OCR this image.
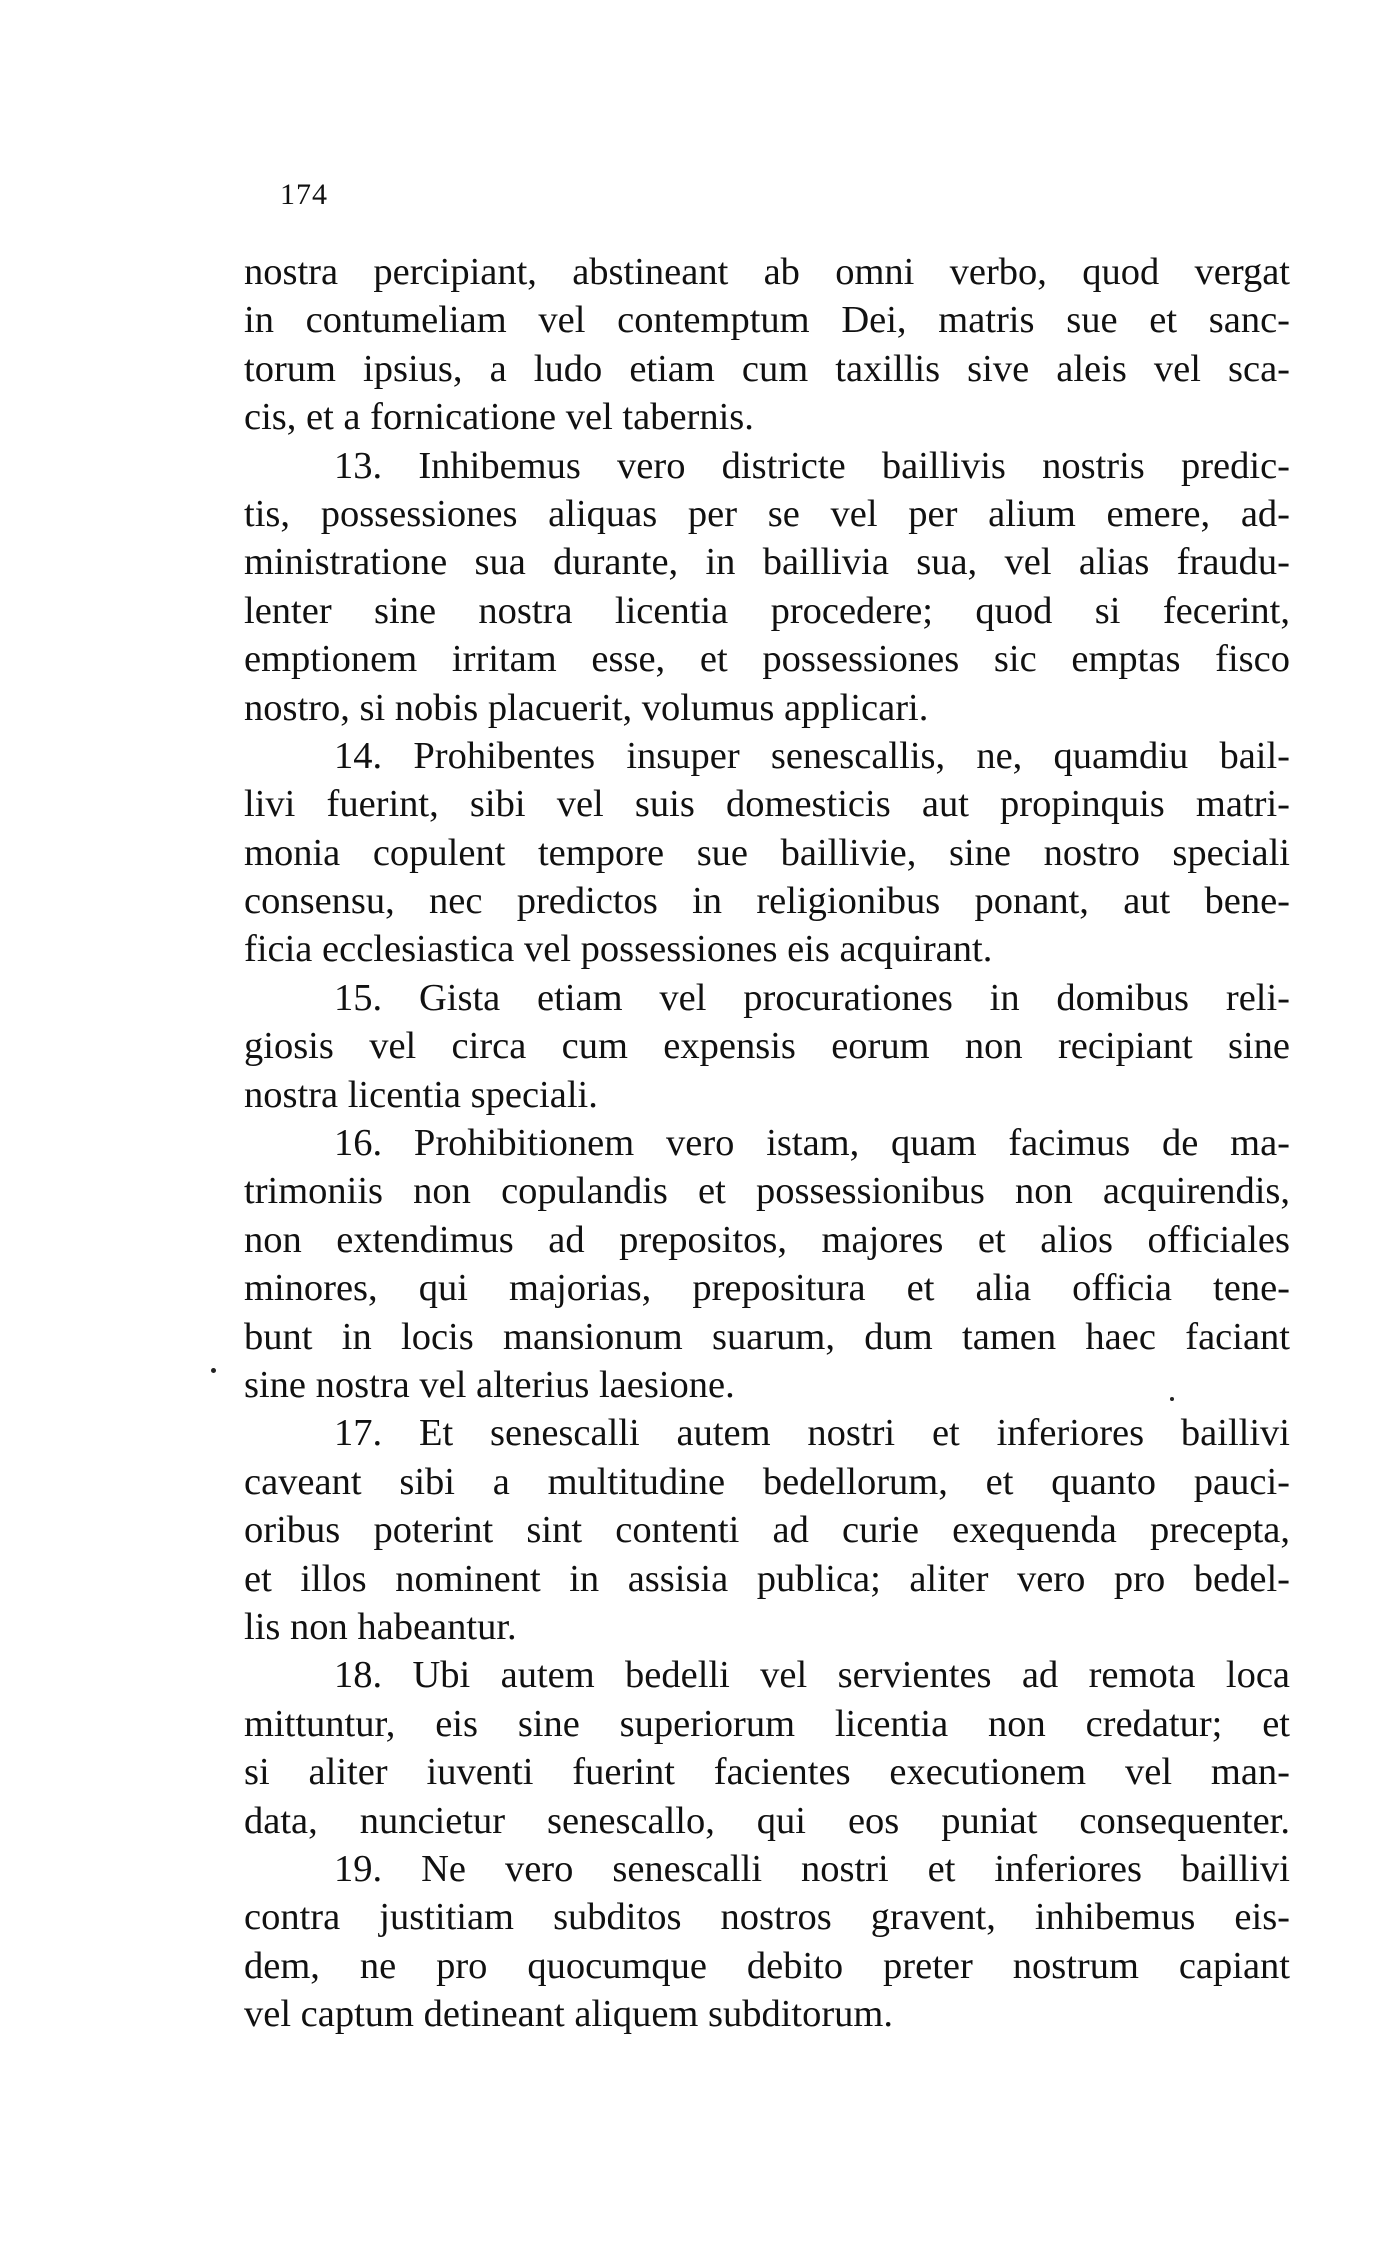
174
nostra percipiant, abstineant ab omni verbo, quod vergat
in contumeliam vel contemptum Dei, matris sue et sanc-
torum ipsius, a ludo etiam cum taxillis sive aleis vel sca-
cis, et a fornicatione vel tabernis.
13. Inhibemus vero districte baillivis nostris predic-
tis, possessiones aliquas per se vel per alium emere, ad-
ministratione sua durante, in baillivia sua, vel alias fraudu-
lenter sine nostra licentia procedere; quod si fecerint,
emptionem irritam esse, et possessiones sic emptas fisco
nostro, si nobis placuerit, volumus applicari.
14. Prohibentes insuper senescallis, ne, quamdiu bail-
livi fuerint, sibi vel suis domesticis aut propinquis matri-
monia copulent tempore sue baillivie, sine nostro speciali
consensu, nec predictos in religionibus ponant, aut bene-
ficia ecclesiastica vel possessiones eis acquirant.
15. Gista etiam vel procurationes in domibus reli-
giosis vel circa cum expensis eorum non recipiant sine
nostra licentia speciali.
16. Prohibitionem vero istam, quam facimus de ma-
trimoniis non copulandis et possessionibus non acquirendis,
non extendimus ad prepositos, majores et alios officiales
minores, qui majorias, prepositura et alia officia tene-
bunt in locis mansionum suarum, dum tamen haec faciant
sine nostra vel alterius laesione.
17. Et senescalli autem nostri et inferiores baillivi
caveant sibi a multitudine bedellorum, et quanto pauci-
oribus poterint sint contenti ad curie exequenda precepta,
et illos nominent in assisia publica; aliter vero pro bedel-
lis non habeantur.
18. Ubi autem bedelli vel servientes ad remota loca
mittuntur, eis sine superiorum licentia non credatur; et
si aliter iuventi fuerint facientes executionem vel man-
data, nuncietur senescallo, qui eos puniat consequenter.
19. Ne vero senescalli nostri et inferiores baillivi
contra justitiam subditos nostros gravent, inhibemus eis-
dem, ne pro quocumque debito preter nostrum capiant
vel captum detineant aliquem subditorum.
